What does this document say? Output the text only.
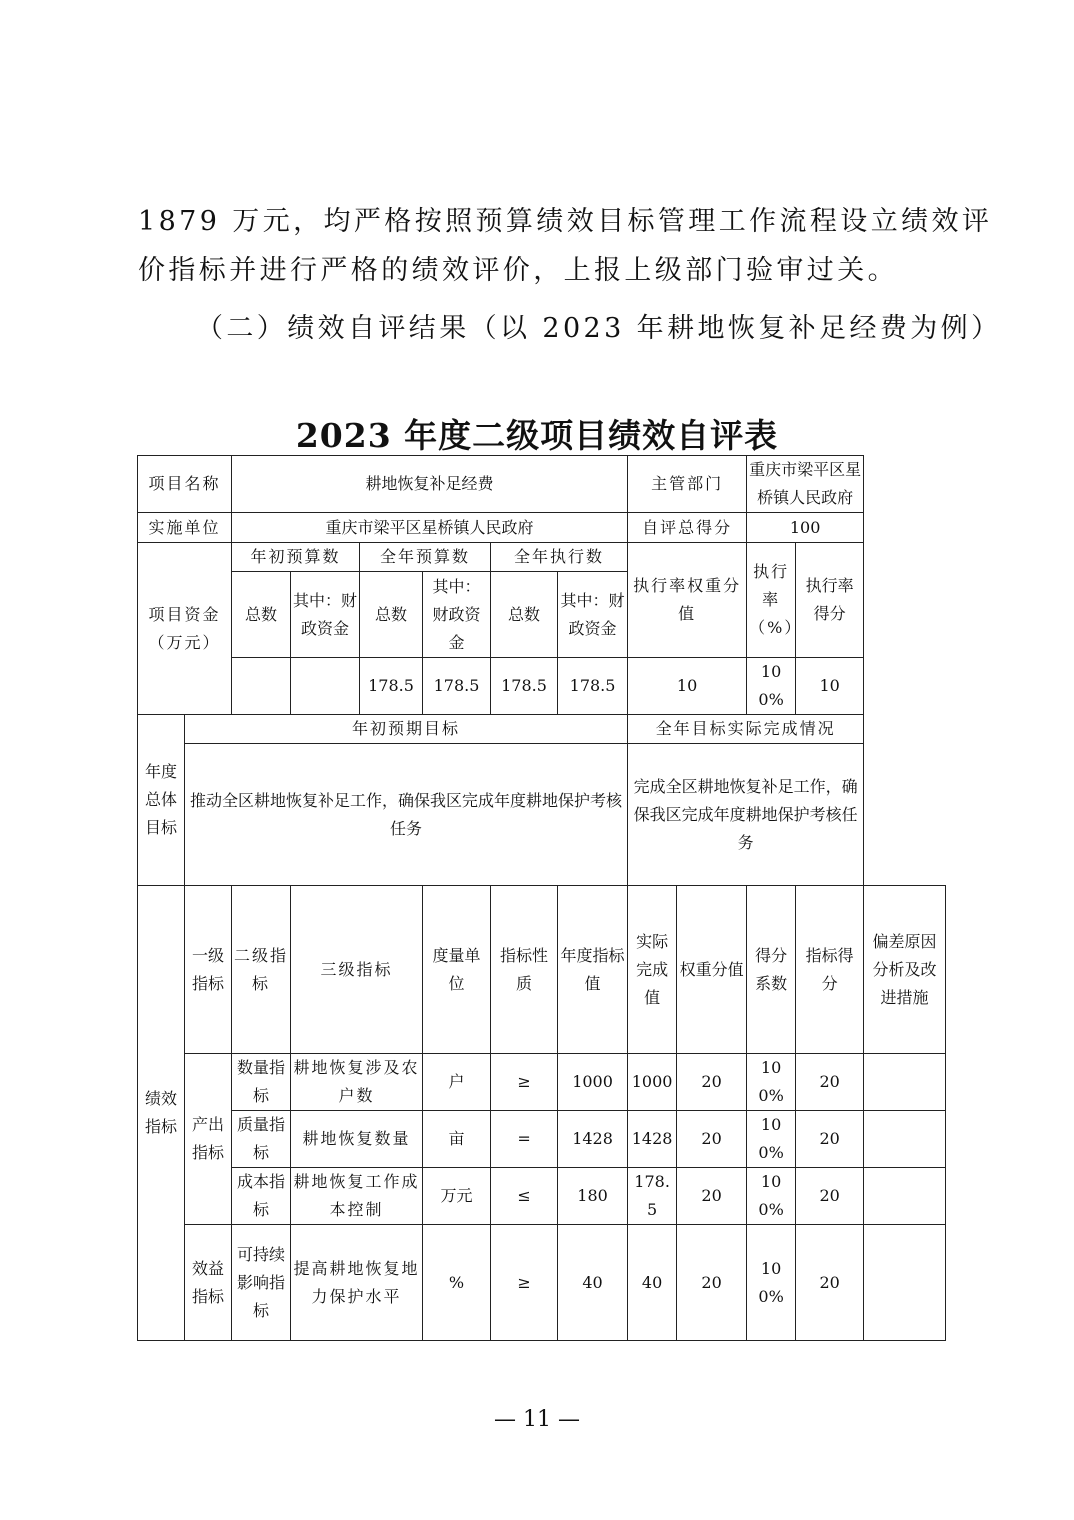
1879 万元，均严格按照预算绩效目标管理工作流程设立绩效评

价指标并进行严格的绩效评价，上报上级部门验审过关。

（二）绩效自评结果（以 2023 年耕地恢复补足经费为例）

2023 年度二级项目绩效自评表
项目名称		耕地恢复补足经费						主管部门		重庆市梁平区星桥镇人民政府		
实施单位		重庆市梁平区星桥镇人民政府						自评总得分		100		
项目资金（万元）		年初预算数		全年预算数		全年执行数		执行率权重分值		执行率（%）	执行率得分	
		总数	其中：财政资金	总数	其中：财政资金	总数	其中：财政资金					
				178.5	178.5	178.5	178.5	10		100%	10	
年度总体目标	年初预期目标							全年目标实际完成情况				
	推动全区耕地恢复补足工作，确保我区完成年度耕地保护考核任务							完成全区耕地恢复补足工作，确保我区完成年度耕地保护考核任务				
绩效指标	一级指标	二级指标	三级指标		度量单位	指标性质	年度指标值	实际完成值	权重分值	得分系数	指标得分	偏差原因分析及改进措施
	产出指标	数量指标	耕地恢复涉及农户数		户	≥	1000	1000	20	100%	20	
		质量指标	耕地恢复数量		亩	=	1428	1428	20	100%	20	
		成本指标	耕地恢复工作成本控制		万元	≤	180	178.5	20	100%	20	
	效益指标	可持续影响指标	提高耕地恢复地力保护水平		%	≥	40	40	20	100%	20	

— 11 —
